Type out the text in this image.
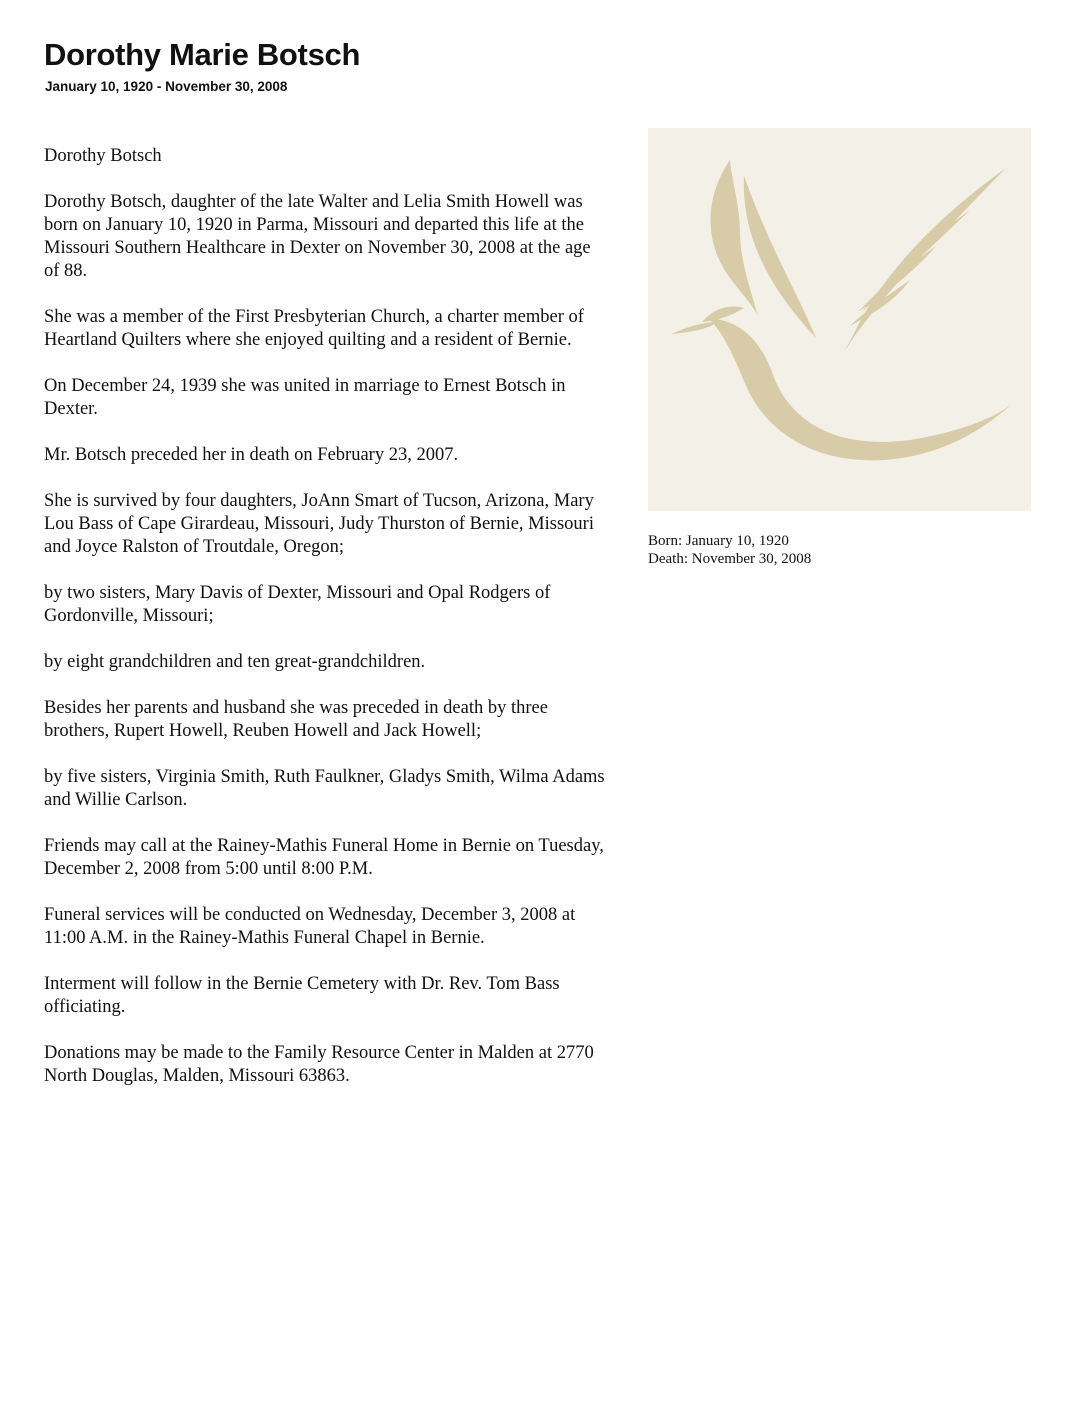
Dorothy Marie Botsch

January 10, 1920 - November 30, 2008

Dorothy Botsch

Dorothy Botsch, daughter of the late Walter and Lelia Smith Howell was born on January 10, 1920 in Parma, Missouri and departed this life at the Missouri Southern Healthcare in Dexter on November 30, 2008 at the age of 88.

She was a member of the First Presbyterian Church, a charter member of Heartland Quilters where she enjoyed quilting and a resident of Bernie.

On December 24, 1939 she was united in marriage to Ernest Botsch in Dexter.

Mr. Botsch preceded her in death on February 23, 2007.

She is survived by four daughters, JoAnn Smart of Tucson, Arizona, Mary Lou Bass of Cape Girardeau, Missouri, Judy Thurston of Bernie, Missouri and Joyce Ralston of Troutdale, Oregon;

by two sisters, Mary Davis of Dexter, Missouri and Opal Rodgers of Gordonville, Missouri;

by eight grandchildren and ten great-grandchildren.

Besides her parents and husband she was preceded in death by three brothers, Rupert Howell, Reuben Howell and Jack Howell;

by five sisters, Virginia Smith, Ruth Faulkner, Gladys Smith, Wilma Adams and Willie Carlson.

Friends may call at the Rainey-Mathis Funeral Home in Bernie on Tuesday, December 2, 2008 from 5:00 until 8:00 P.M.

Funeral services will be conducted on Wednesday, December 3, 2008 at 11:00 A.M. in the Rainey-Mathis Funeral Chapel in Bernie.

Interment will follow in the Bernie Cemetery with Dr. Rev. Tom Bass officiating.

Donations may be made to the Family Resource Center in Malden at 2770 North Douglas, Malden, Missouri 63863.

Born: January 10, 1920
Death: November 30, 2008
